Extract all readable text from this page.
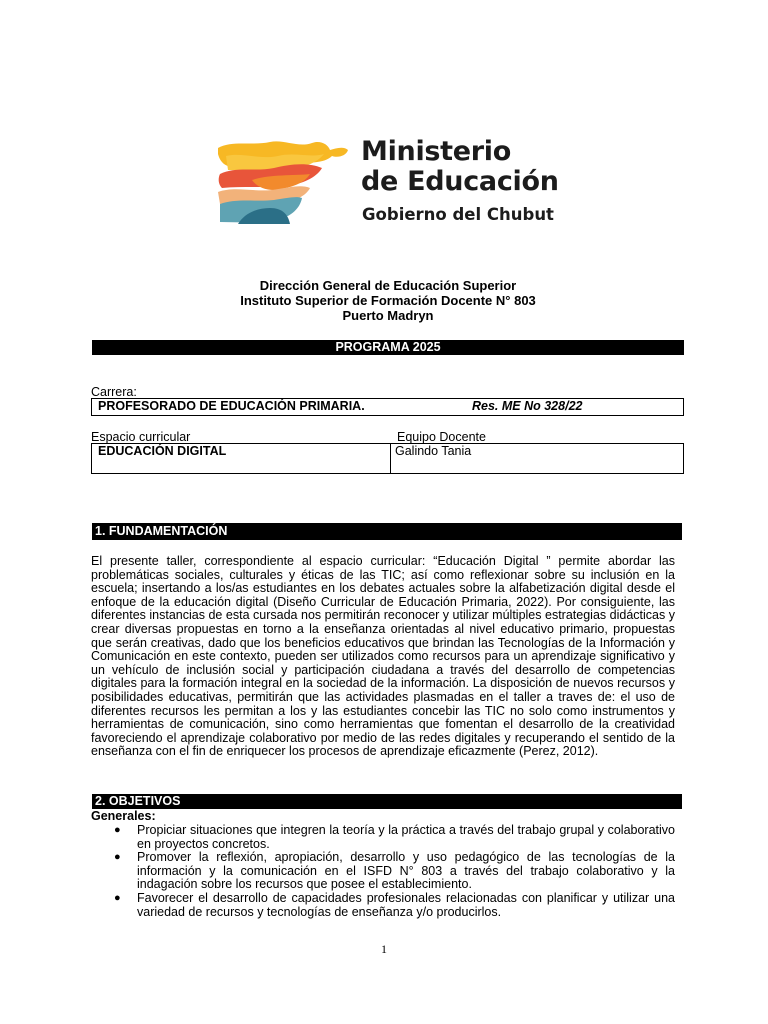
Ministerio
de Educación
Gobierno del Chubut
Dirección General de Educación Superior
Instituto Superior de Formación Docente N° 803
Puerto Madryn
PROGRAMA 2025
Carrera:
PROFESORADO DE EDUCACIÓN PRIMARIA.	Res. ME No 328/22
Espacio curricular	Equipo Docente
EDUCACIÓN DIGITAL	Galindo Tania
1. FUNDAMENTACIÓN
El presente taller, correspondiente al espacio curricular: “Educación Digital ” permite abordar las problemáticas sociales, culturales y éticas de las TIC; así como reflexionar sobre su inclusión en la escuela; insertando a los/as estudiantes en los debates actuales sobre la alfabetización digital desde el enfoque de la educación digital (Diseño Curricular de Educación Primaria, 2022). Por consiguiente, las diferentes instancias de esta cursada nos permitirán reconocer y utilizar múltiples estrategias didácticas y crear diversas propuestas en torno a la enseñanza orientadas al nivel educativo primario, propuestas que serán creativas, dado que los beneficios educativos que brindan las Tecnologías de la Información y Comunicación en este contexto, pueden ser utilizados como recursos para un aprendizaje significativo y un vehículo de inclusión social y participación ciudadana a través del desarrollo de competencias digitales para la formación integral en la sociedad de la información. La disposición de nuevos recursos y posibilidades educativas, permitirán que las actividades plasmadas en el taller a traves de: el uso de diferentes recursos les permitan a los y las estudiantes concebir las TIC no solo como instrumentos y herramientas de comunicación, sino como herramientas que fomentan el desarrollo de la creatividad favoreciendo el aprendizaje colaborativo por medio de las redes digitales y recuperando el sentido de la enseñanza con el fin de enriquecer los procesos de aprendizaje eficazmente (Perez, 2012).
2. OBJETIVOS
Generales:
● Propiciar situaciones que integren la teoría y la práctica a través del trabajo grupal y colaborativo en proyectos concretos.
● Promover la reflexión, apropiación, desarrollo y uso pedagógico de las tecnologías de la información y la comunicación en el ISFD N° 803 a través del trabajo colaborativo y la indagación sobre los recursos que posee el establecimiento.
● Favorecer el desarrollo de capacidades profesionales relacionadas con planificar y utilizar una variedad de recursos y tecnologías de enseñanza y/o producirlos.
1
